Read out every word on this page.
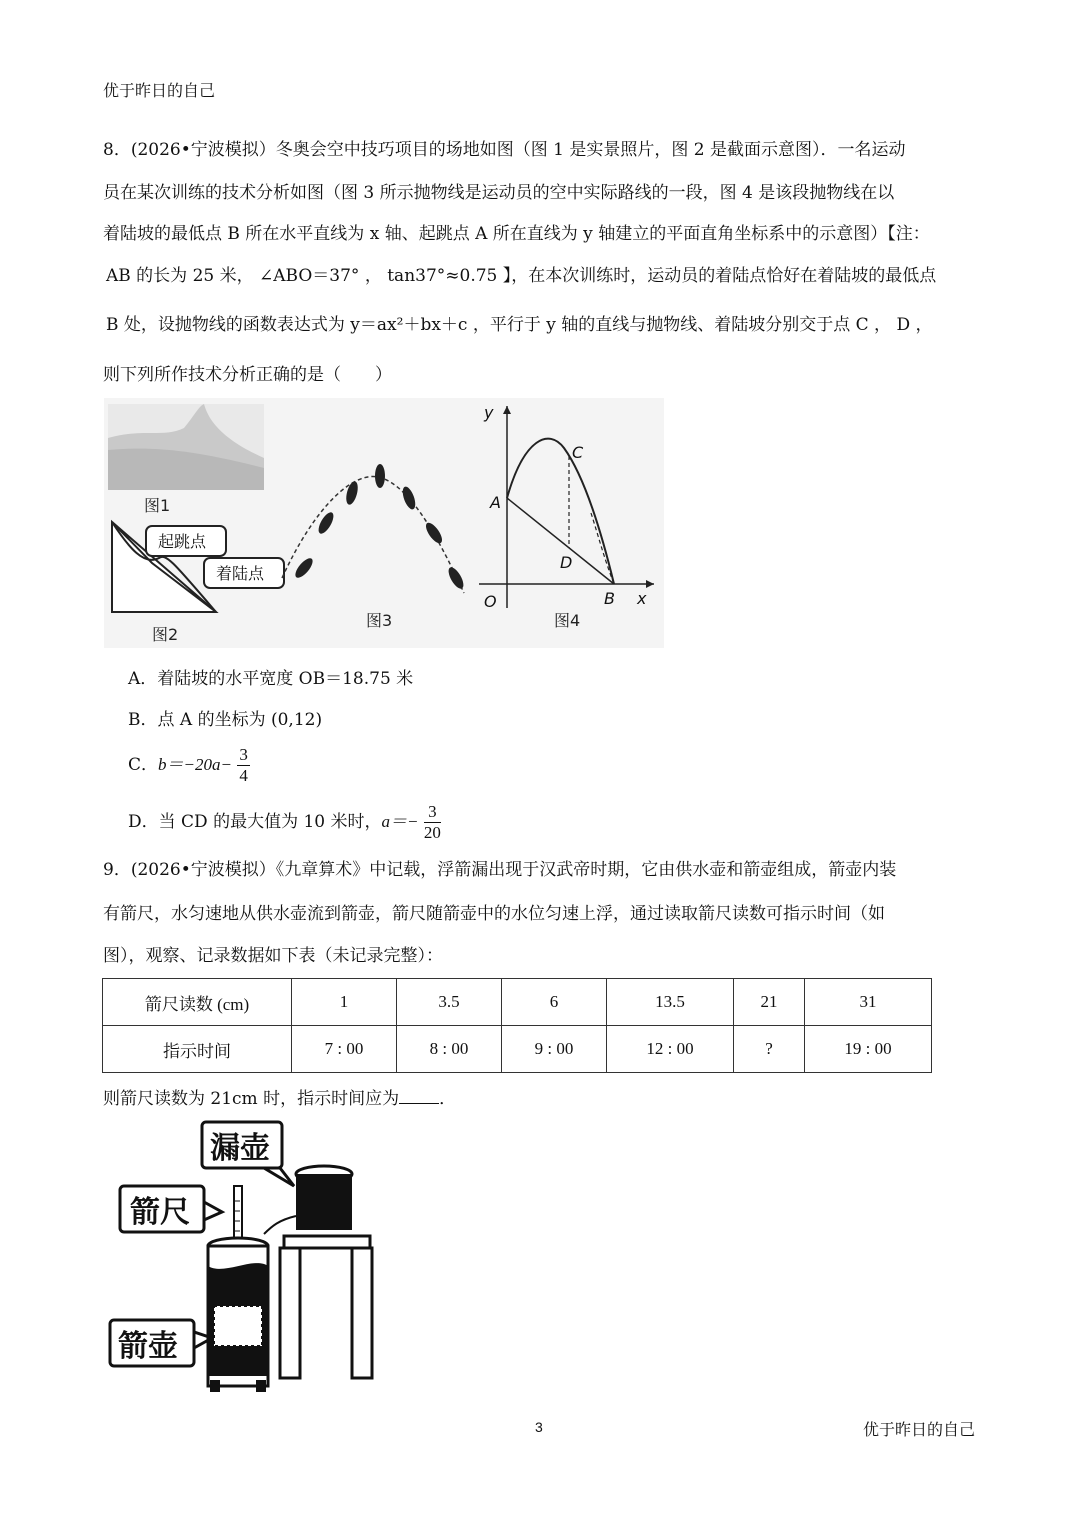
优于昨日的自己
8．(2026•宁波模拟）冬奥会空中技巧项目的场地如图（图 1 是实景照片，图 2 是截面示意图）．一名运动
员在某次训练的技术分析如图（图 3 所示抛物线是运动员的空中实际路线的一段，图 4 是该段抛物线在以
着陆坡的最低点 B 所在水平直线为 x 轴、起跳点 A 所在直线为 y 轴建立的平面直角坐标系中的示意图）【注：
AB 的长为 25 米， ∠ABO＝37° ， tan37°≈0.75 】，在本次训练时，运动员的着陆点恰好在着陆坡的最低点
B 处，设抛物线的函数表达式为 y＝ax²＋bx＋c ，平行于 y 轴的直线与抛物线、着陆坡分别交于点 C ， D ，
则下列所作技术分析正确的是（　　）
图1
起跳点
着陆点
图2
图3
y
x
O
A
B
C
D
图4
A．着陆坡的水平宽度 OB＝18.75 米
B．点 A 的坐标为 (0,12)
C．$b=-20a- \frac{3}{4}$
D．当 CD 的最大值为 10 米时，$a=- \frac{3}{20}$
9．(2026•宁波模拟）《九章算术》中记载，浮箭漏出现于汉武帝时期，它由供水壶和箭壶组成，箭壶内装
有箭尺，水匀速地从供水壶流到箭壶，箭尺随箭壶中的水位匀速上浮，通过读取箭尺读数可指示时间（如
图），观察、记录数据如下表（未记录完整）：
箭尺读数 (cm)	1	3.5	6	13.5	21	31
指示时间	7 : 00	8 : 00	9 : 00	12 : 00	?	19 : 00
则箭尺读数为 21cm 时，指示时间应为 ．
漏壶
箭尺
箭壶
3	优于昨日的自己
